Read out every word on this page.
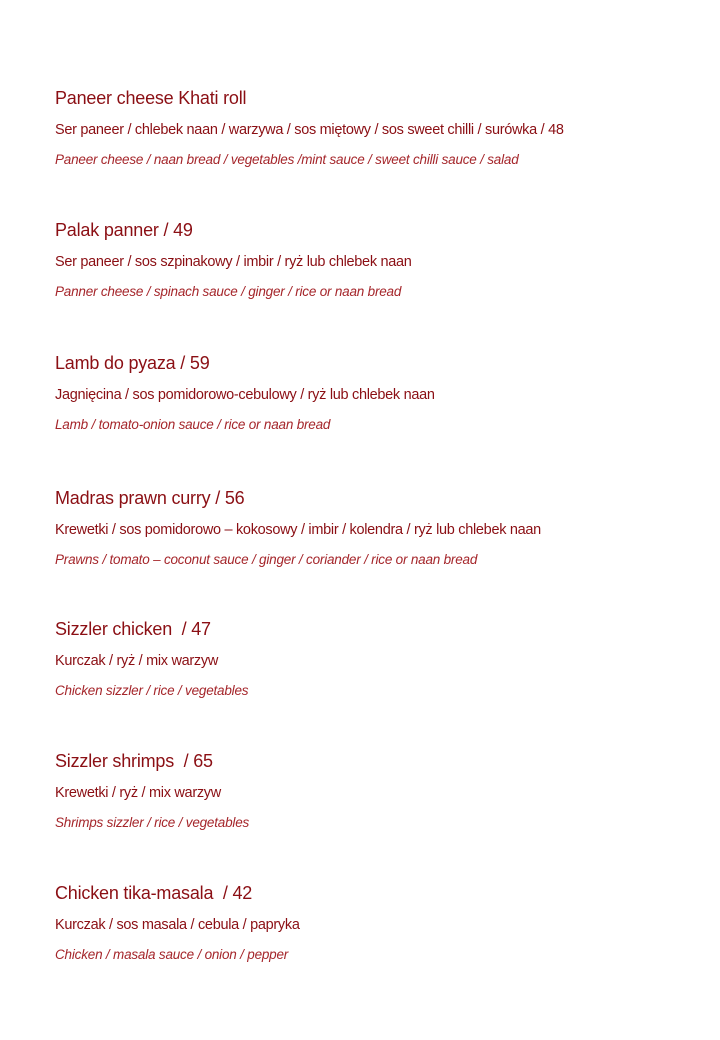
Paneer cheese Khati roll
Ser paneer / chlebek naan / warzywa / sos miętowy / sos sweet chilli / surówka / 48
Paneer cheese / naan bread / vegetables /mint sauce / sweet chilli sauce / salad
Palak panner / 49
Ser paneer / sos szpinakowy / imbir / ryż lub chlebek naan
Panner cheese / spinach sauce / ginger / rice or naan bread
Lamb do pyaza / 59
Jagnięcina / sos pomidorowo-cebulowy / ryż lub chlebek naan
Lamb / tomato-onion sauce / rice or naan bread
Madras prawn curry / 56
Krewetki / sos pomidorowo – kokosowy / imbir / kolendra / ryż lub chlebek naan
Prawns / tomato – coconut sauce / ginger / coriander / rice or naan bread
Sizzler chicken  / 47
Kurczak / ryż / mix warzyw
Chicken sizzler / rice / vegetables
Sizzler shrimps  / 65
Krewetki / ryż / mix warzyw
Shrimps sizzler / rice / vegetables
Chicken tika-masala  / 42
Kurczak / sos masala / cebula / papryka
Chicken / masala sauce / onion / pepper
